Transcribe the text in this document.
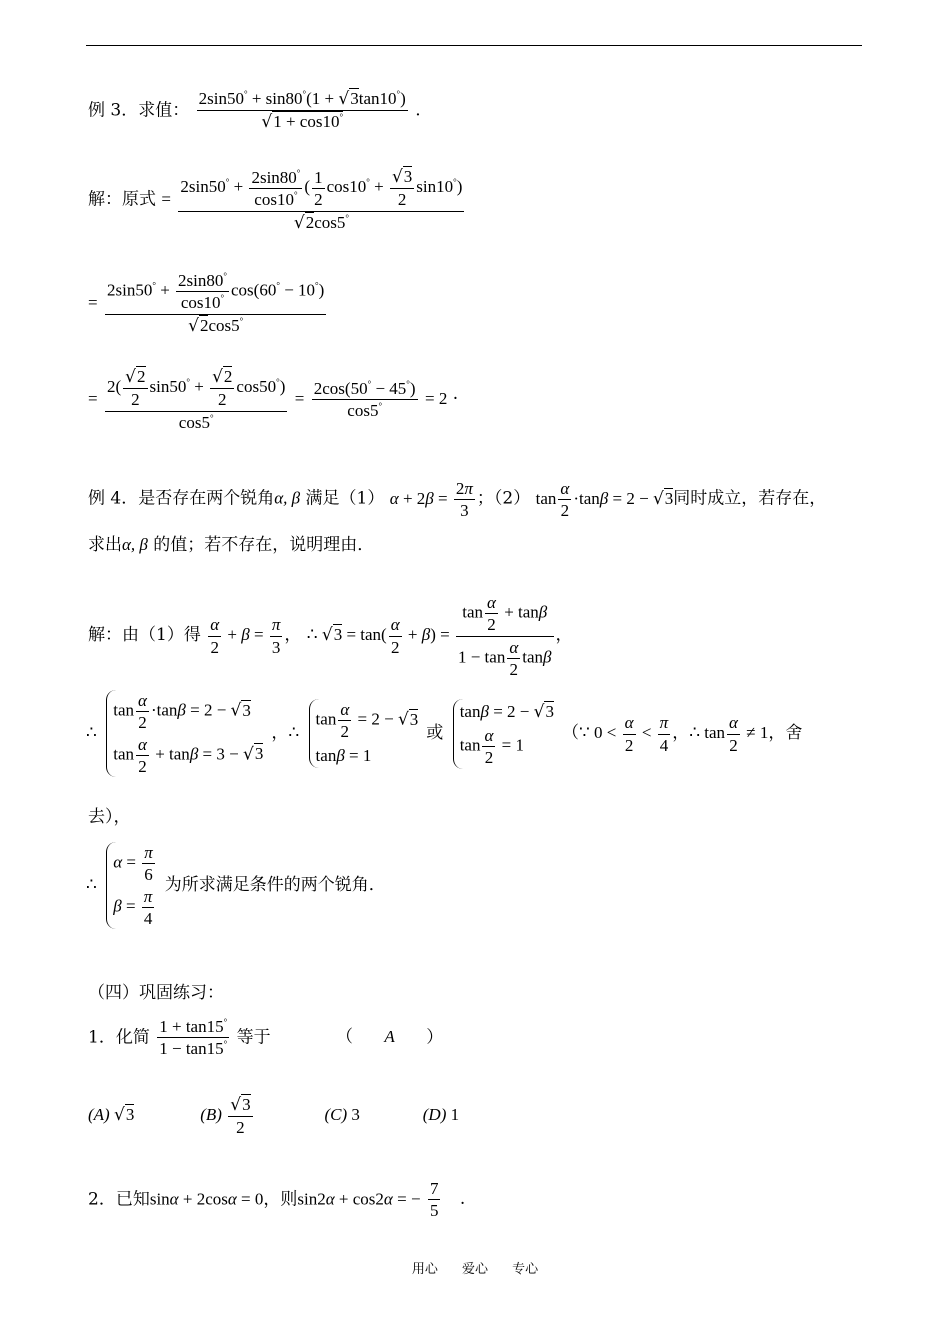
例 3．求值： $\frac{2\sin 50^\circ + \sin 80^\circ(1 + √3\tan 10^\circ)}{√1 + \cos 10^\circ}$ .
解：原式 = $\frac{2\sin 50^\circ + \frac{2\sin 80^\circ}{\cos 10^\circ} ( \frac{1}{2} \cos 10^\circ + \frac{√3}{2} \sin 10^\circ)}{√2\cos 5^\circ}$
= $\frac{2\sin 50^\circ + \frac{2\sin 80^\circ}{\cos 10^\circ} \cos(60^\circ - 10^\circ)}{√2\cos 5^\circ}$
= $\frac{2( \frac{√2}{2} \sin 50^\circ + \frac{√2}{2} \cos 50^\circ)}{\cos 5^\circ} = \frac{2\cos(50^\circ - 45^\circ)}{\cos 5^\circ} = 2$ ·
例 4．是否存在两个锐角α, β 满足（1） $\alpha + 2\beta = \frac{2\pi}{3}$ ；（2） $\tan \frac{\alpha}{2} \cdot\tan\beta = 2 - √3$同时成立，若存在，
求出α, β 的值；若不存在，说明理由．
解：由（1）得 $\frac{\alpha}{2} + \beta = \frac{\pi}{3}$ ， ∴ $√3 = \tan( \frac{\alpha}{2} + \beta) = \frac{\tan \frac{\alpha}{2} + \tan\beta}{1 - \tan \frac{\alpha}{2} \tan\beta}$ ，
∴
$\tan \frac{\alpha}{2} \cdot\tan\beta = 2 - √3$
$\tan \frac{\alpha}{2} + \tan\beta = 3 - √3$
，∴
$\tan \frac{\alpha}{2} = 2 - √3$
tanβ = 1
或
tanβ = 2 − √3
$\tan \frac{\alpha}{2} = 1$
（∵ $0 < \frac{\alpha}{2} < \frac{\pi}{4}$ ，∴ $\tan \frac{\alpha}{2} \ne 1$，舍
去），
∴
$\alpha = \frac{\pi}{6}$
$\beta = \frac{\pi}{4}$
为所求满足条件的两个锐角．
（四）巩固练习：
1．化简 $\frac{1 + \tan 15^\circ}{1 - \tan 15^\circ}$ 等于	（ A ）
(A) √3	$(B) \frac{√3}{2}$	(C) 3	(D) 1
2．已知sinα + 2cosα = 0，则sin2α + cos2α = − $\frac{7}{5}$ .
用心 爱心 专心
